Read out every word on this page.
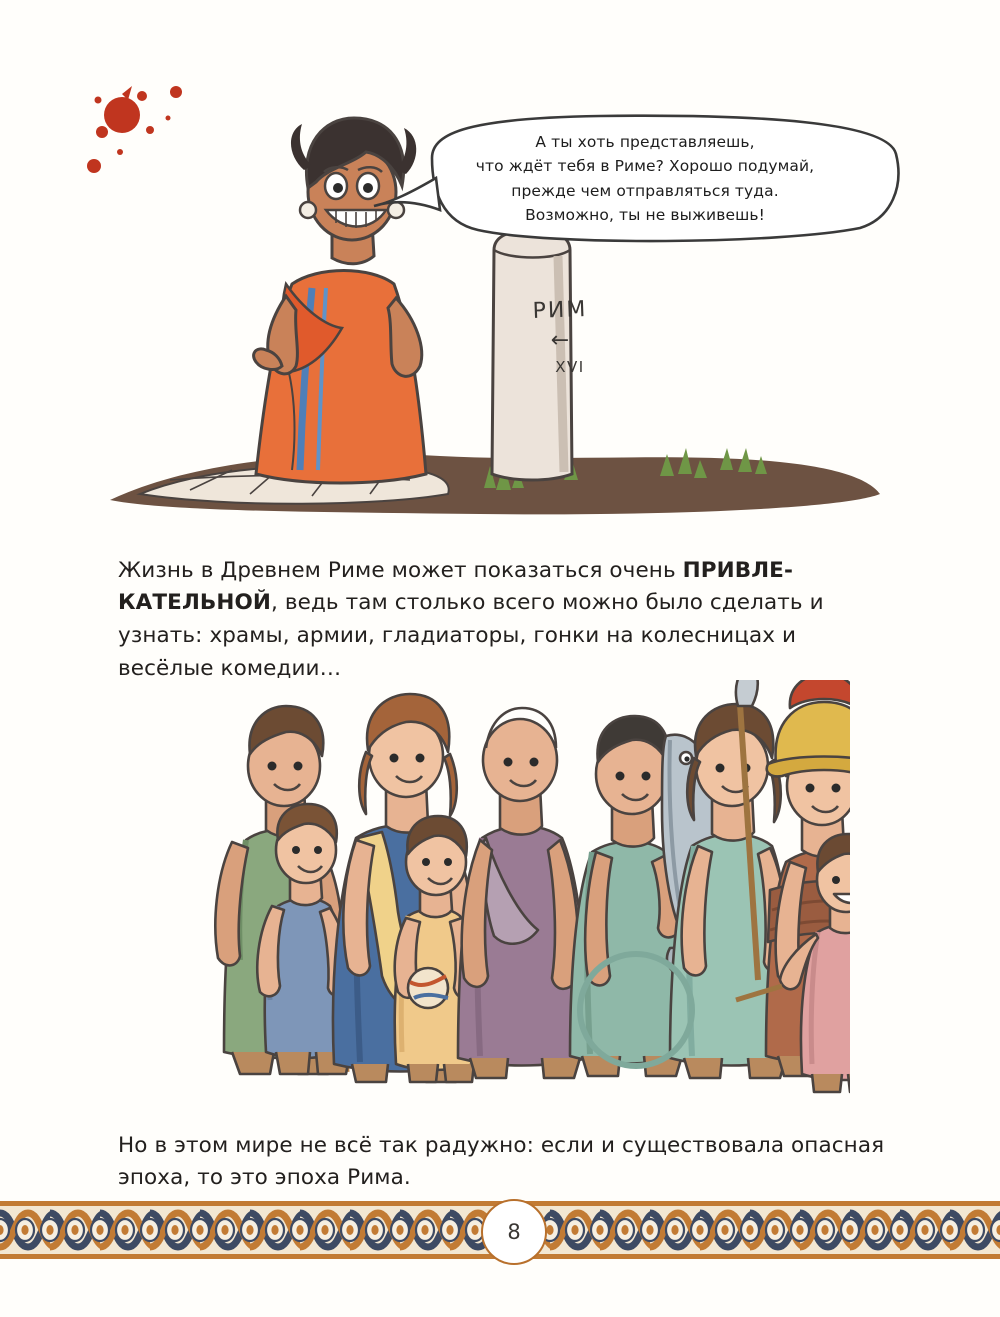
А ты хоть представляешь,
что ждёт тебя в Риме? Хорошо подумай,
прежде чем отправляться туда.
Возможно, ты не выживешь!
РИМ
←
XVI

Жизнь в Древнем Риме может показаться очень ПРИВЛЕ-КАТЕЛЬНОЙ, ведь там столько всего можно было сделать и узнать: храмы, армии, гладиаторы, гонки на колесницах и весёлые комедии…

Но в этом мире не всё так радужно: если и существовала опасная эпоха, то это эпоха Рима.

8
